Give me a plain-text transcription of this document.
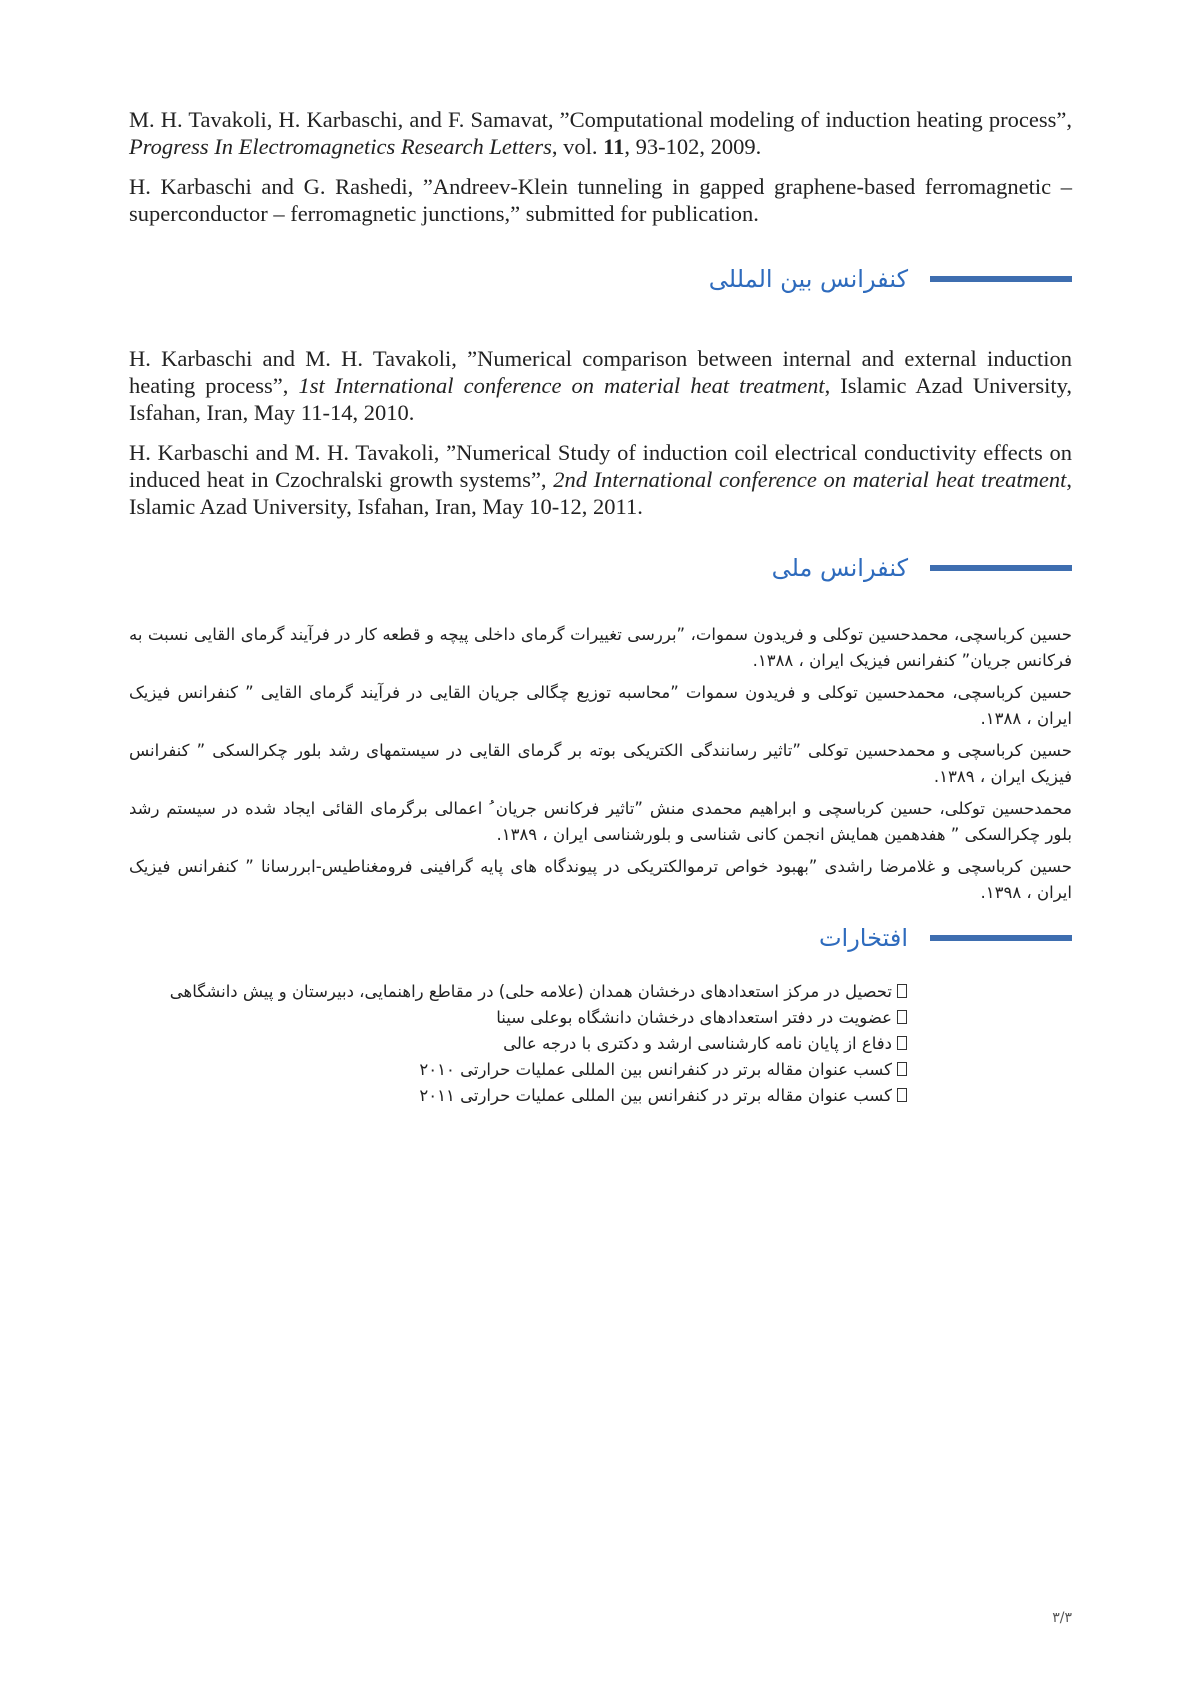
M. H. Tavakoli, H. Karbaschi, and F. Samavat, ”Computational modeling of induction heating process”, Progress In Electromagnetics Research Letters, vol. 11, 93-102, 2009.

H. Karbaschi and G. Rashedi, ”Andreev-Klein tunneling in gapped graphene-based ferromagnetic – superconductor – ferromagnetic junctions,” submitted for publication.

کنفرانس بین المللی

H. Karbaschi and M. H. Tavakoli, ”Numerical comparison between internal and external induction heating process”, 1st International conference on material heat treatment, Islamic Azad University, Isfahan, Iran, May 11-14, 2010.

H. Karbaschi and M. H. Tavakoli, ”Numerical Study of induction coil electrical conductivity effects on induced heat in Czochralski growth systems”, 2nd International conference on material heat treatment, Islamic Azad University, Isfahan, Iran, May 10-12, 2011.

کنفرانس ملی

حسین کرباسچی، محمدحسین توکلی و فریدون سموات، ”بررسی تغییرات گرمای داخلی پیچه و قطعه کار در فرآیند گرمای القایی نسبت به فرکانس جریان” کنفرانس فیزیک ایران ، ۱۳۸۸.

حسین کرباسچی، محمدحسین توکلی و فریدون سموات ”محاسبه توزیع چگالی جریان القایی در فرآیند گرمای القایی ” کنفرانس فیزیک ایران ، ۱۳۸۸.

حسین کرباسچی و محمدحسین توکلی ”تاثیر رسانندگی الکتریکی بوته بر گرمای القایی در سیستمهای رشد بلور چکرالسکی ” کنفرانس فیزیک ایران ، ۱۳۸۹.

محمدحسین توکلی، حسین کرباسچی و ابراهیم محمدی منش ”تاثیر فرکانس جریان ُ اعمالی برگرمای القائی ایجاد شده در سیستم رشد بلور چکرالسکی ” هفدهمین همایش انجمن کانی شناسی و بلورشناسی ایران ، ۱۳۸۹.

حسین کرباسچی و غلامرضا راشدی ”بهبود خواص ترموالکتریکی در پیوندگاه های پایه گرافینی فرومغناطیس-ابررسانا ” کنفرانس فیزیک ایران ، ۱۳۹۸.

افتخارات
تحصیل در مرکز استعدادهای درخشان همدان (علامه حلی) در مقاطع راهنمایی، دبیرستان و پیش دانشگاهی
عضویت در دفتر استعدادهای درخشان دانشگاه بوعلی سینا
دفاع از پایان نامه کارشناسی ارشد و دکتری با درجه عالی
کسب عنوان مقاله برتر در کنفرانس بین المللی عملیات حرارتی ۲۰۱۰
کسب عنوان مقاله برتر در کنفرانس بین المللی عملیات حرارتی ۲۰۱۱
۳/۳
